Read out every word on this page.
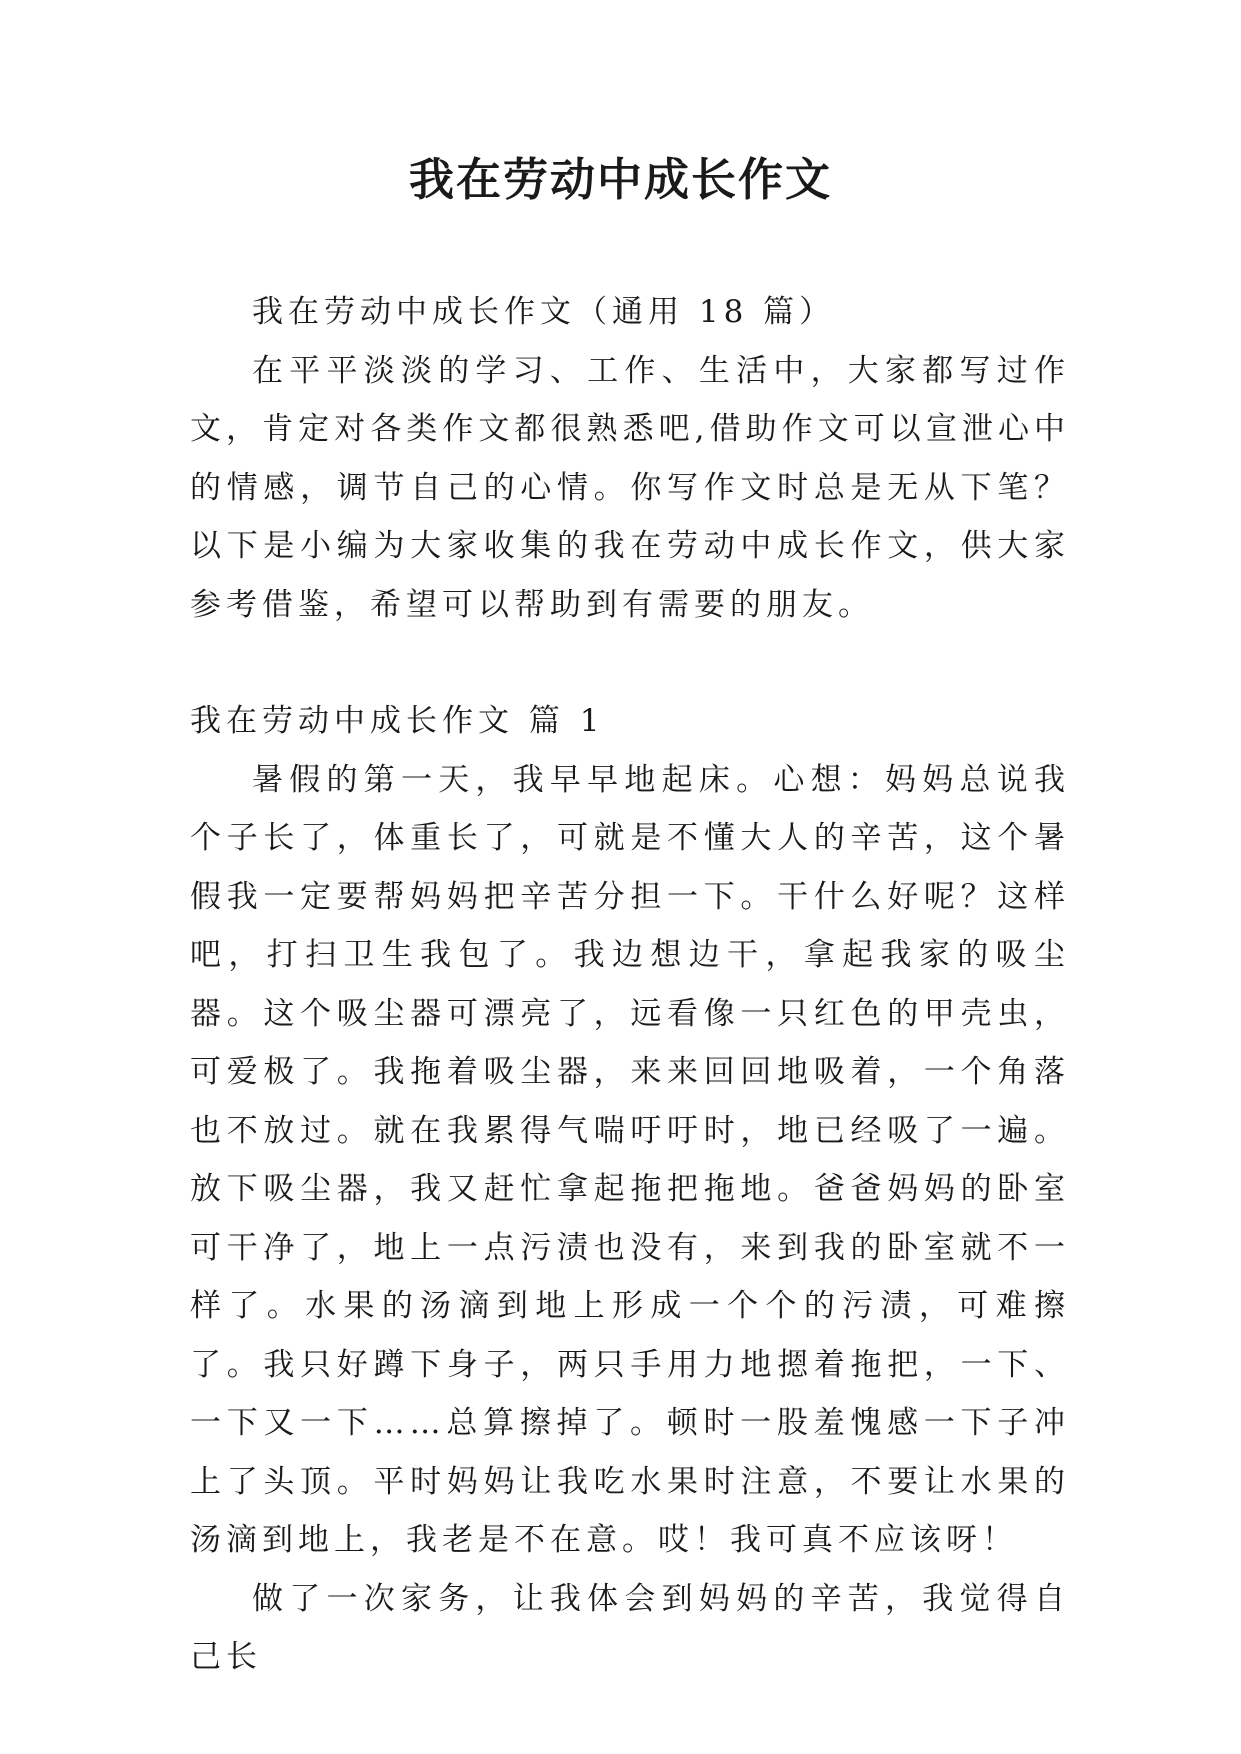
我在劳动中成长作文

我在劳动中成长作文（通用 18 篇）

在平平淡淡的学习、工作、生活中，大家都写过作文，肯定对各类作文都很熟悉吧,借助作文可以宣泄心中的情感，调节自己的心情。你写作文时总是无从下笔？以下是小编为大家收集的我在劳动中成长作文，供大家参考借鉴，希望可以帮助到有需要的朋友。

我在劳动中成长作文 篇 1

暑假的第一天，我早早地起床。心想：妈妈总说我个子长了，体重长了，可就是不懂大人的辛苦，这个暑假我一定要帮妈妈把辛苦分担一下。干什么好呢？这样吧，打扫卫生我包了。我边想边干，拿起我家的吸尘器。这个吸尘器可漂亮了，远看像一只红色的甲壳虫，可爱极了。我拖着吸尘器，来来回回地吸着，一个角落也不放过。就在我累得气喘吁吁时，地已经吸了一遍。放下吸尘器，我又赶忙拿起拖把拖地。爸爸妈妈的卧室可干净了，地上一点污渍也没有，来到我的卧室就不一样了。水果的汤滴到地上形成一个个的污渍，可难擦了。我只好蹲下身子，两只手用力地摁着拖把，一下、一下又一下……总算擦掉了。顿时一股羞愧感一下子冲上了头顶。平时妈妈让我吃水果时注意，不要让水果的汤滴到地上，我老是不在意。哎！我可真不应该呀！

做了一次家务，让我体会到妈妈的辛苦，我觉得自己长
